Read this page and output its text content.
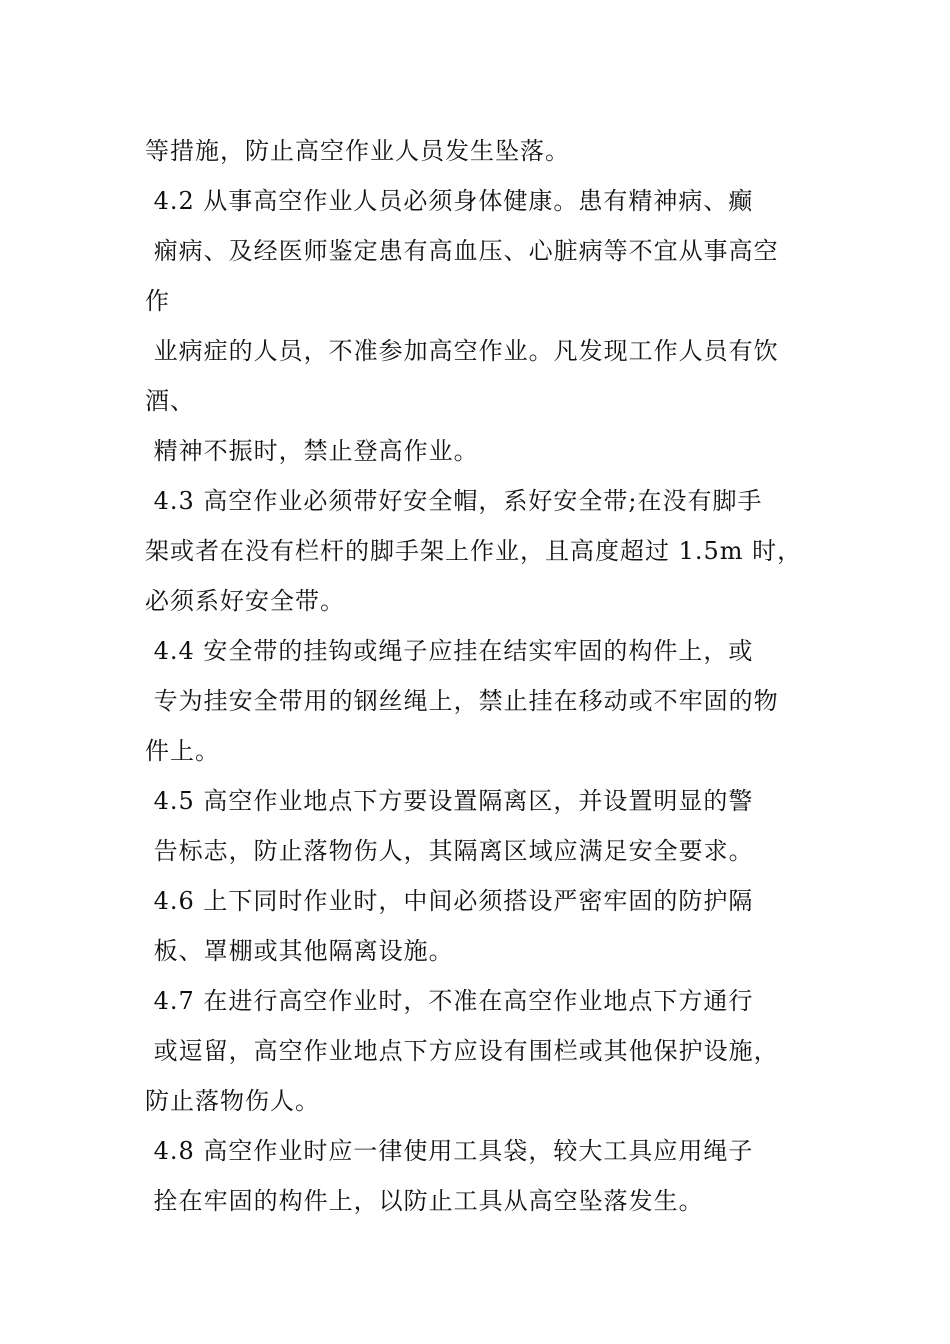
等措施，防止高空作业人员发生坠落。
4.2 从事高空作业人员必须身体健康。患有精神病、癫
痫病、及经医师鉴定患有高血压、心脏病等不宜从事高空
作
业病症的人员，不准参加高空作业。凡发现工作人员有饮
酒、
精神不振时，禁止登高作业。
4.3 高空作业必须带好安全帽，系好安全带;在没有脚手
架或者在没有栏杆的脚手架上作业，且高度超过 1.5m 时，
必须系好安全带。
4.4 安全带的挂钩或绳子应挂在结实牢固的构件上，或
专为挂安全带用的钢丝绳上，禁止挂在移动或不牢固的物
件上。
4.5 高空作业地点下方要设置隔离区，并设置明显的警
告标志，防止落物伤人，其隔离区域应满足安全要求。
4.6 上下同时作业时，中间必须搭设严密牢固的防护隔
板、罩棚或其他隔离设施。
4.7 在进行高空作业时，不准在高空作业地点下方通行
或逗留，高空作业地点下方应设有围栏或其他保护设施，
防止落物伤人。
4.8 高空作业时应一律使用工具袋，较大工具应用绳子
拴在牢固的构件上，以防止工具从高空坠落发生。
